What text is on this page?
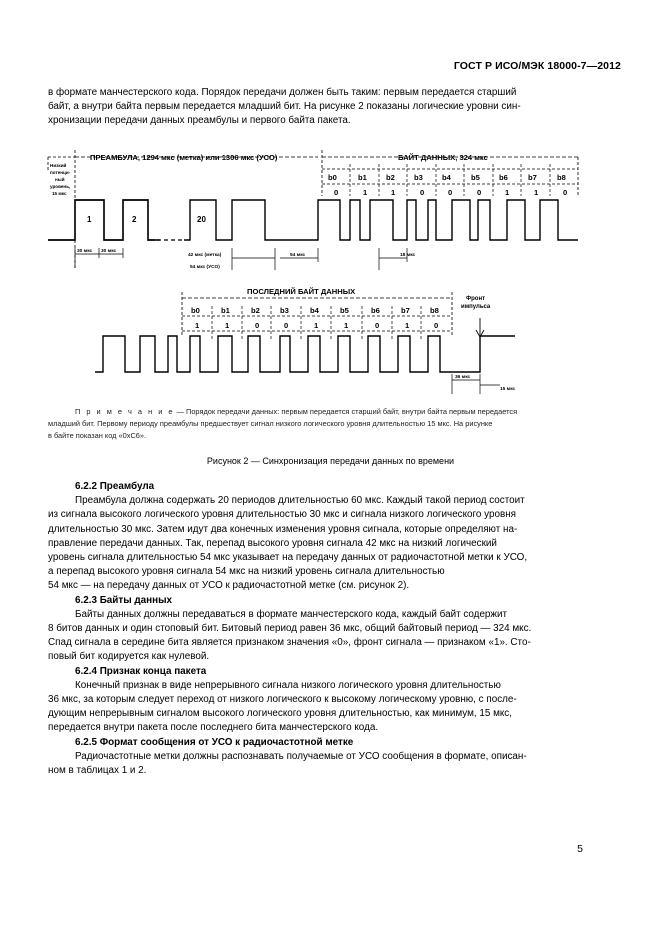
ГОСТ Р ИСО/МЭК 18000-7—2012

в формате манчестерского кода. Порядок передачи должен быть таким: первым передается старший

байт, а внутри байта первым передается младший бит. На рисунке 2 показаны логические уровни син-

хронизации передачи данных преамбулы и первого байта пакета.

ПРЕАМБУЛА, 1294 мкс (метка) или 1306 мкс (УСО)	БАЙТ ДАННЫХ, 324 мкс
Низкий
потенци-
ный
уровень,
15 мкс
1	2	20
b0	b1	b2	b3	b4	b5	b6	b7	b8
0	1	1	0	0	0	1	1	0
30 мкс 30 мкс
42 мкс (метка)
54 мкс (УСО)
54 мкс	18 мкс
ПОСЛЕДНИЙ БАЙТ ДАННЫХ
Фронт
импульса
b0	b1	b2	b3	b4	b5	b6	b7	b8
1	1	0	0	1	1	0	1	0
36 мкс
15 мкс
П р и м е ч а н и е — Порядок передачи данных: первым передается старший байт, внутри байта первым передается
младший бит. Первому периоду преамбулы предшествует сигнал низкого логического уровня длительностью 15 мкс. На рисунке
в байте показан код «0хС6».
Рисунок 2 — Синхронизация передачи данных по времени

6.2.2 Преамбула

Преамбула должна содержать 20 периодов длительностью 60 мкс. Каждый такой период состоит

из сигнала высокого логического уровня длительностью 30 мкс и сигнала низкого логического уровня

длительностью 30 мкс. Затем идут два конечных изменения уровня сигнала, которые определяют на-

правление передачи данных. Так, перепад высокого уровня сигнала 42 мкс на низкий логический

уровень сигнала длительностью 54 мкс указывает на передачу данных от радиочастотной метки к УСО,

а перепад высокого уровня сигнала 54 мкс на низкий уровень сигнала длительностью

54 мкс — на передачу данных от УСО к радиочастотной метке (см. рисунок 2).

6.2.3 Байты данных

Байты данных должны передаваться в формате манчестерского кода, каждый байт содержит

8 битов данных и один стоповый бит. Битовый период равен 36 мкс, общий байтовый период — 324 мкс.

Спад сигнала в середине бита является признаком значения «0», фронт сигнала — признаком «1». Сто-

повый бит кодируется как нулевой.

6.2.4 Признак конца пакета

Конечный признак в виде непрерывного сигнала низкого логического уровня длительностью

36 мкс, за которым следует переход от низкого логического к высокому логическому уровню, с после-

дующим непрерывным сигналом высокого логического уровня длительностью, как минимум, 15 мкс,

передается внутри пакета после последнего бита манчестерского кода.

6.2.5 Формат сообщения от УСО к радиочастотной метке

Радиочастотные метки должны распознавать получаемые от УСО сообщения в формате, описан-

ном в таблицах 1 и 2.

5
